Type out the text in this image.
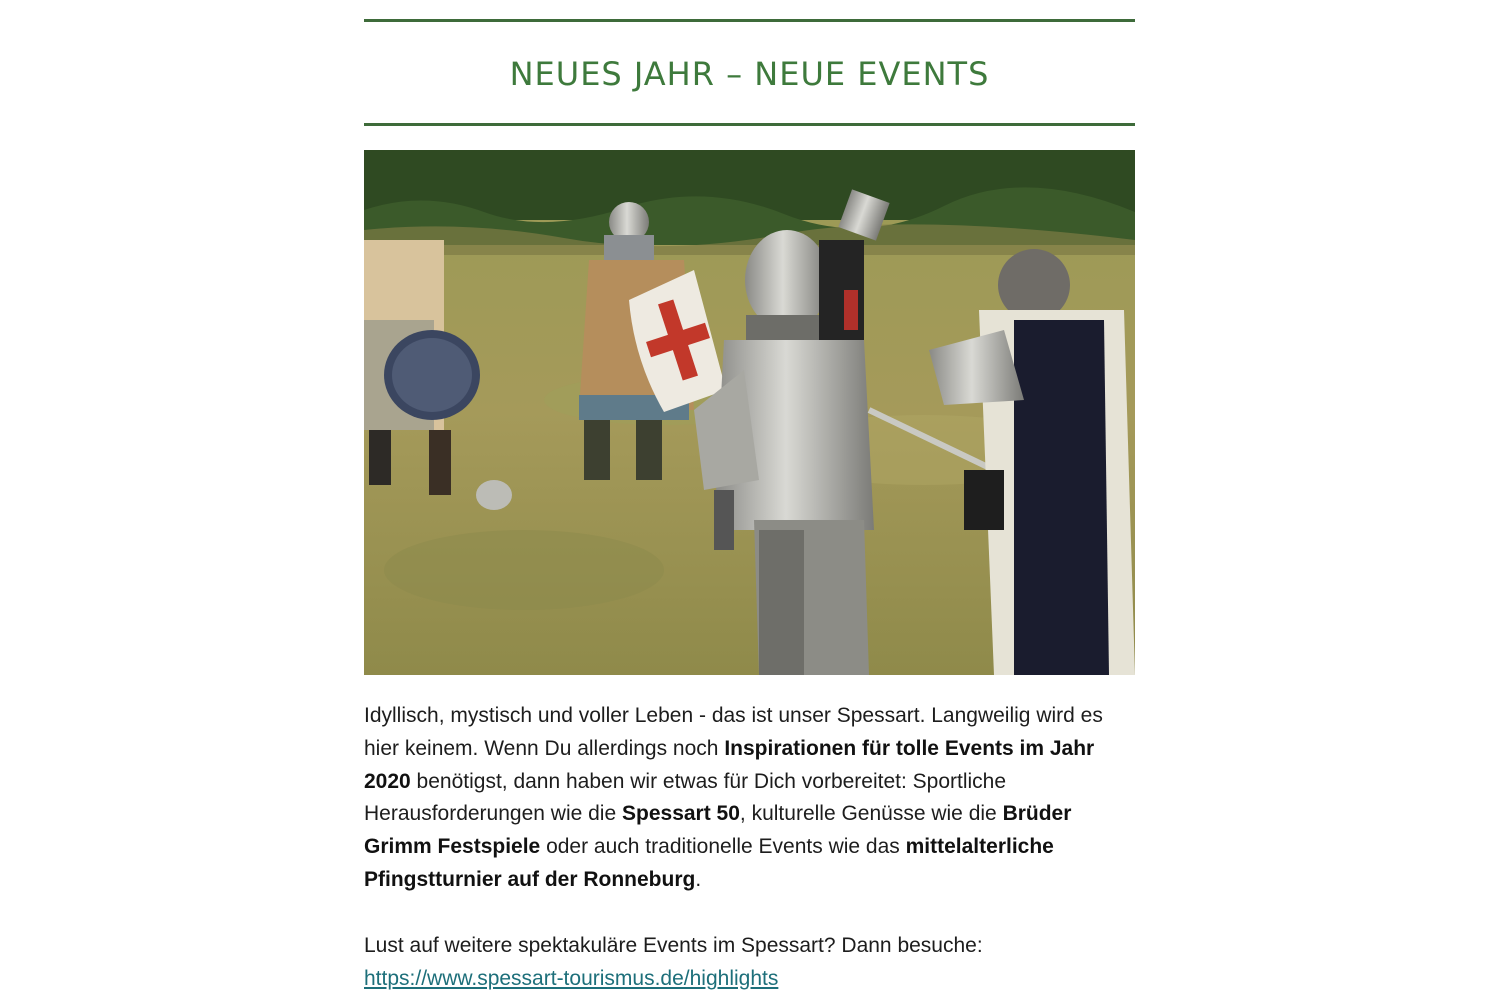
NEUES JAHR – NEUE EVENTS

Idyllisch, mystisch und voller Leben - das ist unser Spessart. Langweilig wird es hier keinem. Wenn Du allerdings noch Inspirationen für tolle Events im Jahr 2020 benötigst, dann haben wir etwas für Dich vorbereitet: Sportliche Herausforderungen wie die Spessart 50, kulturelle Genüsse wie die Brüder Grimm Festspiele oder auch traditionelle Events wie das mittelalterliche Pfingstturnier auf der Ronneburg.

Lust auf weitere spektakuläre Events im Spessart? Dann besuche:
https://www.spessart-tourismus.de/highlights
